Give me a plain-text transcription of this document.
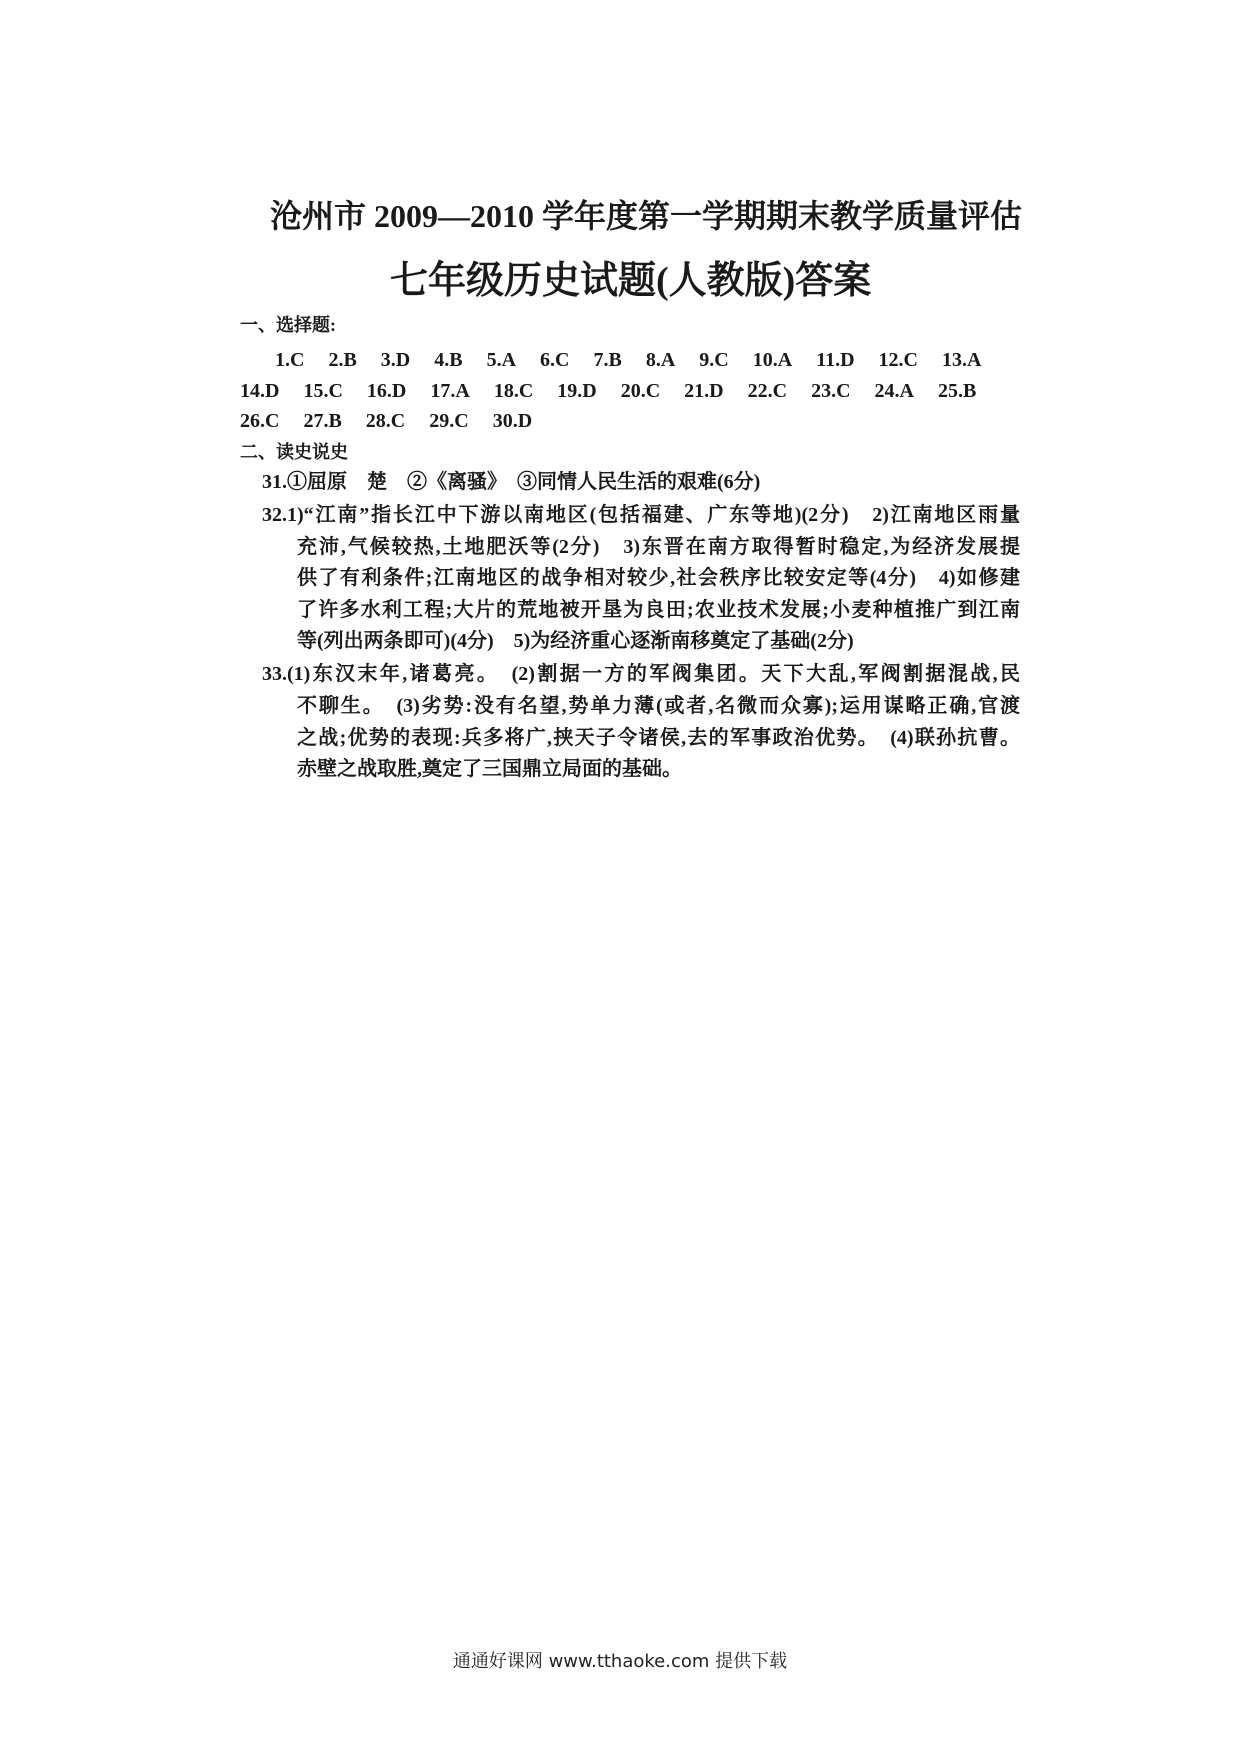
沧州市 2009—2010 学年度第一学期期末教学质量评估
七年级历史试题(人教版)答案
一、选择题:
1.C 2.B 3.D 4.B 5.A 6.C 7.B 8.A 9.C 10.A 11.D 12.C 13.A
14.D 15.C 16.D 17.A 18.C 19.D 20.C 21.D 22.C 23.C 24.A 25.B
26.C 27.B 28.C 29.C 30.D
二、读史说史
31.①屈原　楚　②《离骚》　③同情人民生活的艰难(6分)
32.1)“江南”指长江中下游以南地区(包括福建、广东等地)(2分)　2)江南地区雨量
充沛,气候较热,土地肥沃等(2分)　3)东晋在南方取得暂时稳定,为经济发展提
供了有利条件;江南地区的战争相对较少,社会秩序比较安定等(4分)　4)如修建
了许多水利工程;大片的荒地被开垦为良田;农业技术发展;小麦种植推广到江南
等(列出两条即可)(4分)　5)为经济重心逐渐南移奠定了基础(2分)
33.(1)东汉末年,诸葛亮。　(2)割据一方的军阀集团。天下大乱,军阀割据混战,民
不聊生。　(3)劣势:没有名望,势单力薄(或者,名微而众寡);运用谋略正确,官渡
之战;优势的表现:兵多将广,挟天子令诸侯,去的军事政治优势。　(4)联孙抗曹。
赤壁之战取胜,奠定了三国鼎立局面的基础。
通通好课网 www.tthaoke.com 提供下载
